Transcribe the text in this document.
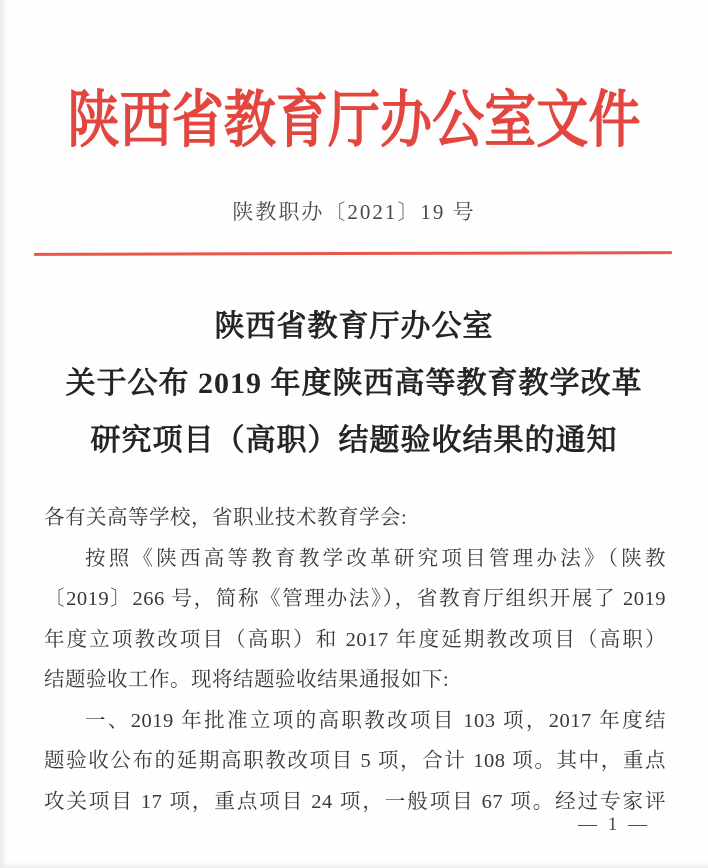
陕西省教育厅办公室文件
陕教职办〔2021〕19 号
陕西省教育厅办公室
关于公布 2019 年度陕西高等教育教学改革
研究项目（高职）结题验收结果的通知
各有关高等学校，省职业技术教育学会:
按照《陕西高等教育教学改革研究项目管理办法》（陕教
〔2019〕266 号，简称《管理办法》），省教育厅组织开展了 2019
年度立项教改项目（高职）和 2017 年度延期教改项目（高职）
结题验收工作。现将结题验收结果通报如下:
一、2019 年批准立项的高职教改项目 103 项，2017 年度结
题验收公布的延期高职教改项目 5 项，合计 108 项。其中，重点
攻关项目 17 项，重点项目 24 项，一般项目 67 项。经过专家评
— 1 —
